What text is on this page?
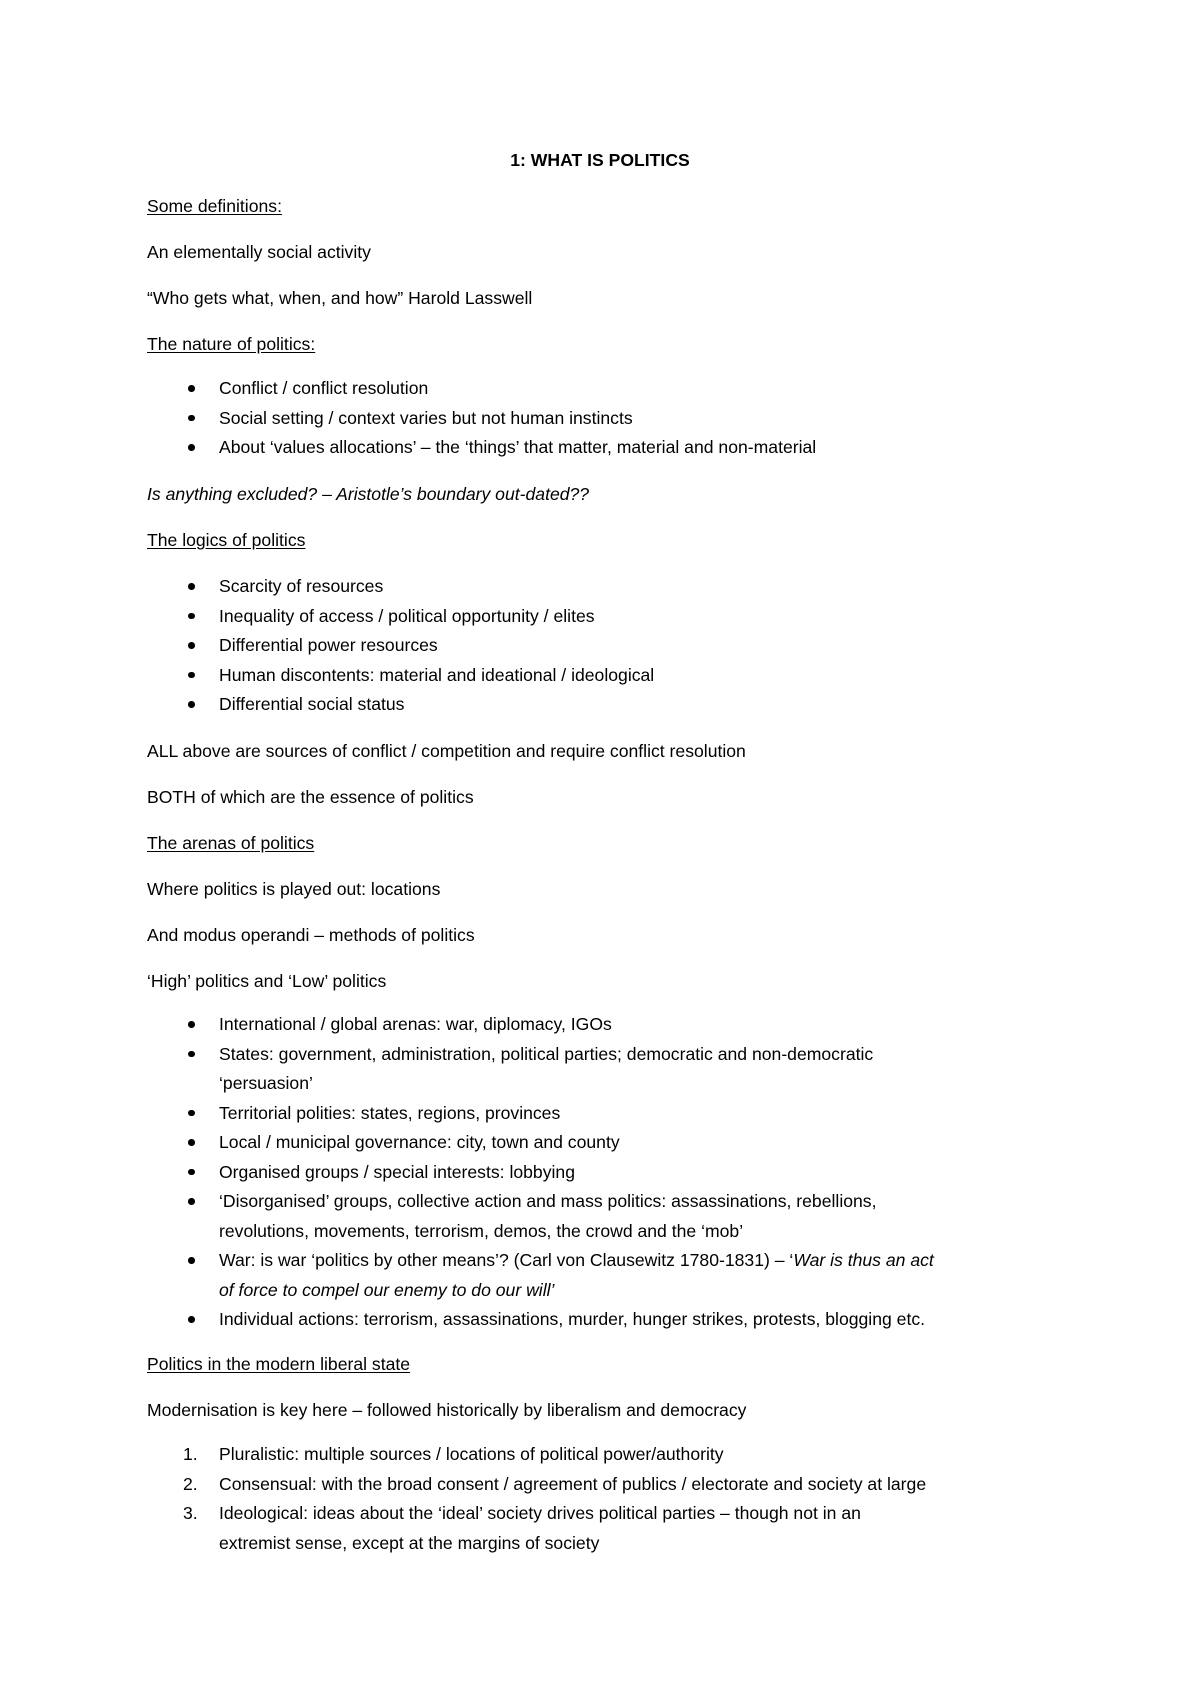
1: WHAT IS POLITICS

Some definitions:

An elementally social activity

“Who gets what, when, and how” Harold Lasswell

The nature of politics:

Conflict / conflict resolution
Social setting / context varies but not human instincts
About ‘values allocations’ – the ‘things’ that matter, material and non-material

Is anything excluded? – Aristotle’s boundary out-dated??

The logics of politics

Scarcity of resources
Inequality of access / political opportunity / elites
Differential power resources
Human discontents: material and ideational / ideological
Differential social status

ALL above are sources of conflict / competition and require conflict resolution

BOTH of which are the essence of politics

The arenas of politics

Where politics is played out: locations

And modus operandi – methods of politics

‘High’ politics and ‘Low’ politics

International / global arenas: war, diplomacy, IGOs
States: government, administration, political parties; democratic and non-democratic
‘persuasion’
Territorial polities: states, regions, provinces
Local / municipal governance: city, town and county
Organised groups / special interests: lobbying
‘Disorganised’ groups, collective action and mass politics: assassinations, rebellions,
revolutions, movements, terrorism, demos, the crowd and the ‘mob’
War: is war ‘politics by other means’? (Carl von Clausewitz 1780-1831) – ‘War is thus an act
of force to compel our enemy to do our will’
Individual actions: terrorism, assassinations, murder, hunger strikes, protests, blogging etc.

Politics in the modern liberal state

Modernisation is key here – followed historically by liberalism and democracy

1. Pluralistic: multiple sources / locations of political power/authority
2. Consensual: with the broad consent / agreement of publics / electorate and society at large
3. Ideological: ideas about the ‘ideal’ society drives political parties – though not in an
extremist sense, except at the margins of society
